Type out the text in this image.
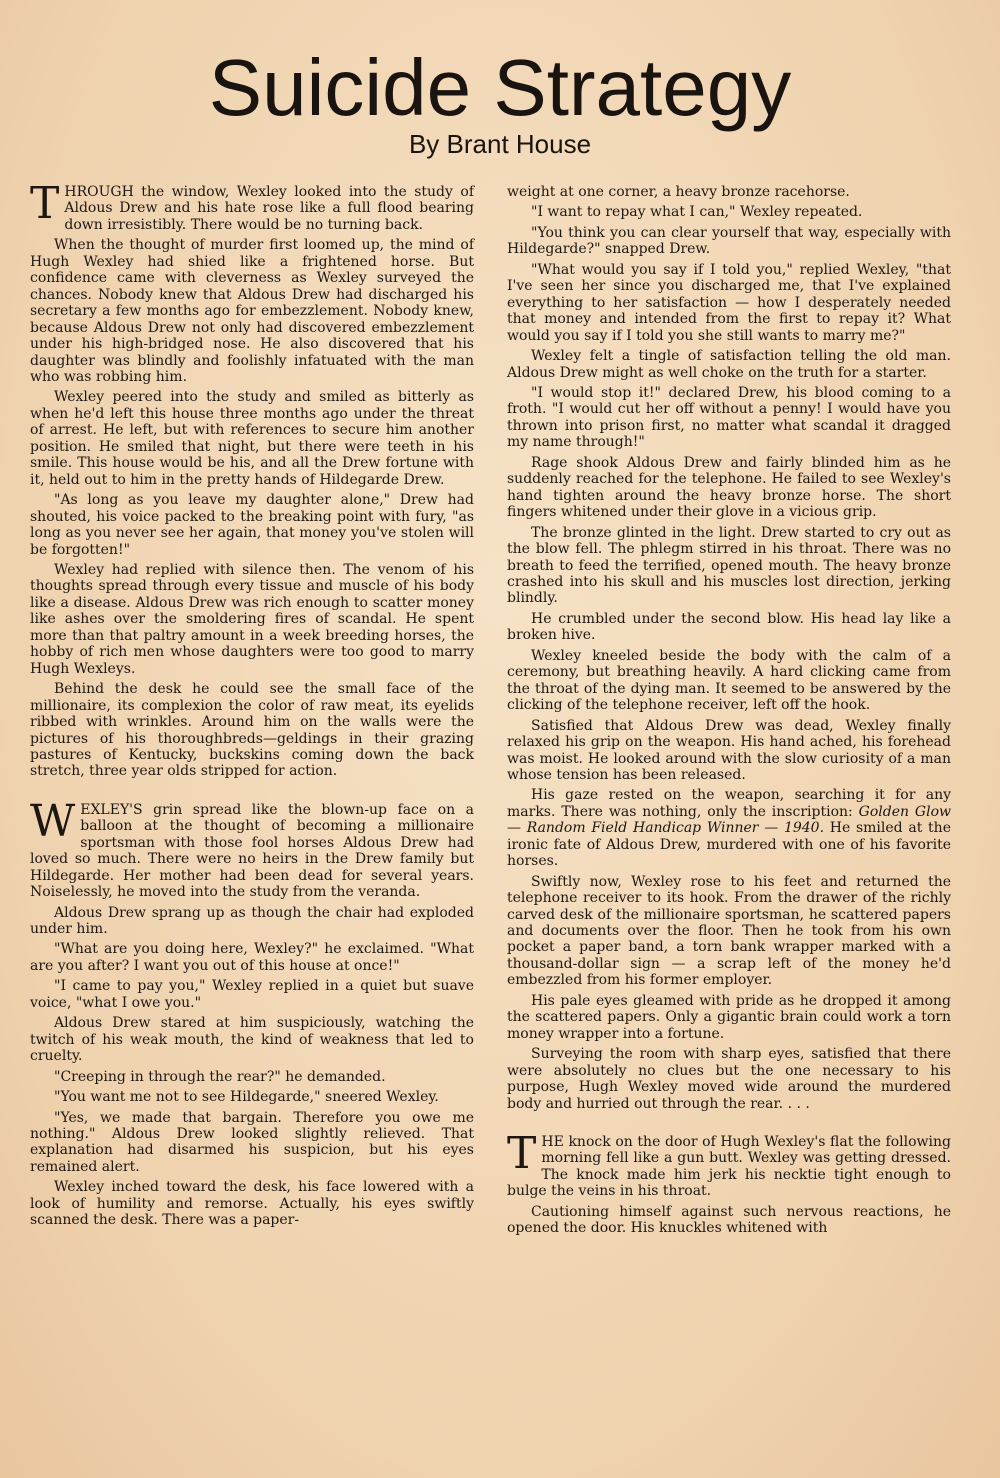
Suicide Strategy
By Brant House

THROUGH the window, Wexley looked into the study of Aldous Drew and his hate rose like a full flood bearing down irresistibly. There would be no turning back.

When the thought of murder first loomed up, the mind of Hugh Wexley had shied like a frightened horse. But confidence came with cleverness as Wexley surveyed the chances. Nobody knew that Aldous Drew had discharged his secretary a few months ago for embezzlement. Nobody knew, because Aldous Drew not only had discovered embezzlement under his high-bridged nose. He also discovered that his daughter was blindly and foolishly infatuated with the man who was robbing him.

Wexley peered into the study and smiled as bitterly as when he'd left this house three months ago under the threat of arrest. He left, but with references to secure him another position. He smiled that night, but there were teeth in his smile. This house would be his, and all the Drew fortune with it, held out to him in the pretty hands of Hildegarde Drew.

"As long as you leave my daughter alone," Drew had shouted, his voice packed to the breaking point with fury, "as long as you never see her again, that money you've stolen will be forgotten!"

Wexley had replied with silence then. The venom of his thoughts spread through every tissue and muscle of his body like a disease. Aldous Drew was rich enough to scatter money like ashes over the smoldering fires of scandal. He spent more than that paltry amount in a week breeding horses, the hobby of rich men whose daughters were too good to marry Hugh Wexleys.

Behind the desk he could see the small face of the millionaire, its complexion the color of raw meat, its eyelids ribbed with wrinkles. Around him on the walls were the pictures of his thoroughbreds—geldings in their grazing pastures of Kentucky, buckskins coming down the back stretch, three year olds stripped for action.

WEXLEY'S grin spread like the blown-up face on a balloon at the thought of becoming a millionaire sportsman with those fool horses Aldous Drew had loved so much. There were no heirs in the Drew family but Hildegarde. Her mother had been dead for several years. Noiselessly, he moved into the study from the veranda.

Aldous Drew sprang up as though the chair had exploded under him.

"What are you doing here, Wexley?" he exclaimed. "What are you after? I want you out of this house at once!"

"I came to pay you," Wexley replied in a quiet but suave voice, "what I owe you."

Aldous Drew stared at him suspiciously, watching the twitch of his weak mouth, the kind of weakness that led to cruelty.

"Creeping in through the rear?" he demanded.

"You want me not to see Hildegarde," sneered Wexley.

"Yes, we made that bargain. Therefore you owe me nothing." Aldous Drew looked slightly relieved. That explanation had disarmed his suspicion, but his eyes remained alert.

Wexley inched toward the desk, his face lowered with a look of humility and remorse. Actually, his eyes swiftly scanned the desk. There was a paper-

weight at one corner, a heavy bronze racehorse.

"I want to repay what I can," Wexley repeated.

"You think you can clear yourself that way, especially with Hildegarde?" snapped Drew.

"What would you say if I told you," replied Wexley, "that I've seen her since you discharged me, that I've explained everything to her satisfaction — how I desperately needed that money and intended from the first to repay it? What would you say if I told you she still wants to marry me?"

Wexley felt a tingle of satisfaction telling the old man. Aldous Drew might as well choke on the truth for a starter.

"I would stop it!" declared Drew, his blood coming to a froth. "I would cut her off without a penny! I would have you thrown into prison first, no matter what scandal it dragged my name through!"

Rage shook Aldous Drew and fairly blinded him as he suddenly reached for the telephone. He failed to see Wexley's hand tighten around the heavy bronze horse. The short fingers whitened under their glove in a vicious grip.

The bronze glinted in the light. Drew started to cry out as the blow fell. The phlegm stirred in his throat. There was no breath to feed the terrified, opened mouth. The heavy bronze crashed into his skull and his muscles lost direction, jerking blindly.

He crumbled under the second blow. His head lay like a broken hive.

Wexley kneeled beside the body with the calm of a ceremony, but breathing heavily. A hard clicking came from the throat of the dying man. It seemed to be answered by the clicking of the telephone receiver, left off the hook.

Satisfied that Aldous Drew was dead, Wexley finally relaxed his grip on the weapon. His hand ached, his forehead was moist. He looked around with the slow curiosity of a man whose tension has been released.

His gaze rested on the weapon, searching it for any marks. There was nothing, only the inscription: Golden Glow — Random Field Handicap Winner — 1940. He smiled at the ironic fate of Aldous Drew, murdered with one of his favorite horses.

Swiftly now, Wexley rose to his feet and returned the telephone receiver to its hook. From the drawer of the richly carved desk of the millionaire sportsman, he scattered papers and documents over the floor. Then he took from his own pocket a paper band, a torn bank wrapper marked with a thousand-dollar sign — a scrap left of the money he'd embezzled from his former employer.

His pale eyes gleamed with pride as he dropped it among the scattered papers. Only a gigantic brain could work a torn money wrapper into a fortune.

Surveying the room with sharp eyes, satisfied that there were absolutely no clues but the one necessary to his purpose, Hugh Wexley moved wide around the murdered body and hurried out through the rear. . . .

THE knock on the door of Hugh Wexley's flat the following morning fell like a gun butt. Wexley was getting dressed. The knock made him jerk his necktie tight enough to bulge the veins in his throat.

Cautioning himself against such nervous reactions, he opened the door. His knuckles whitened with
